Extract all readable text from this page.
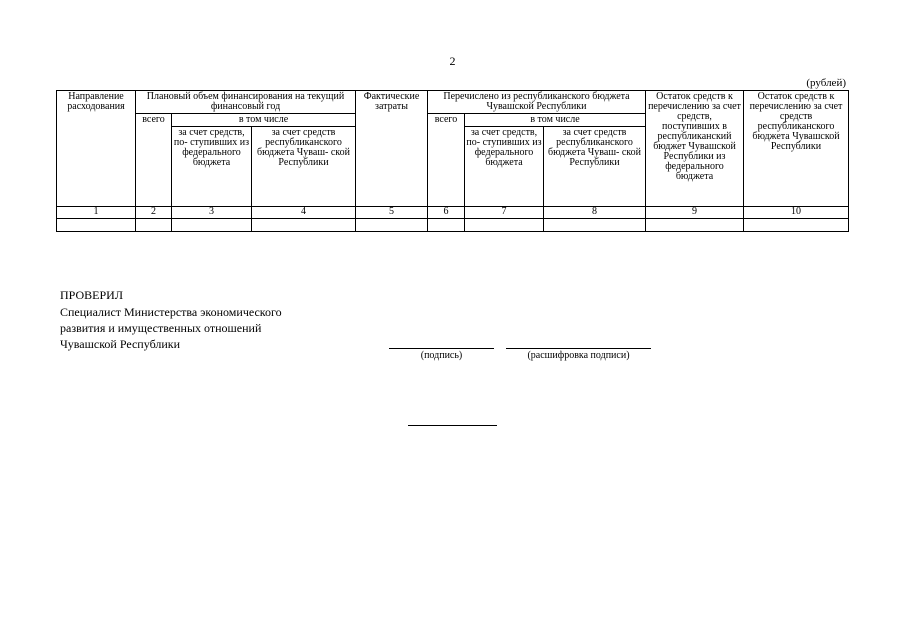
2
(рублей)
Направление расходования	Плановый объем финансирования на текущий финансовый год			Фактические затраты	Перечислено из республиканского бюджета Чувашской Республики			Остаток средств к перечислению за счет средств, поступивших в республиканский бюджет Чувашской Республики из федерального бюджета	Остаток средств к перечислению за счет средств республиканского бюджета Чувашской Республики
	всего	в том числе			всего	в том числе			
		за счет средств, по- ступивших из федерального бюджета	за счет средств республиканского бюджета Чуваш- ской Республики			за счет средств, по- ступивших из федерального бюджета	за счет средств республиканского бюджета Чуваш- ской Республики		
1	2	3	4	5	6	7	8	9	10

ПРОВЕРИЛ
Специалист Министерства экономического
развития и имущественных отношений
Чувашской Республики
(подпись)	(расшифровка подписи)
